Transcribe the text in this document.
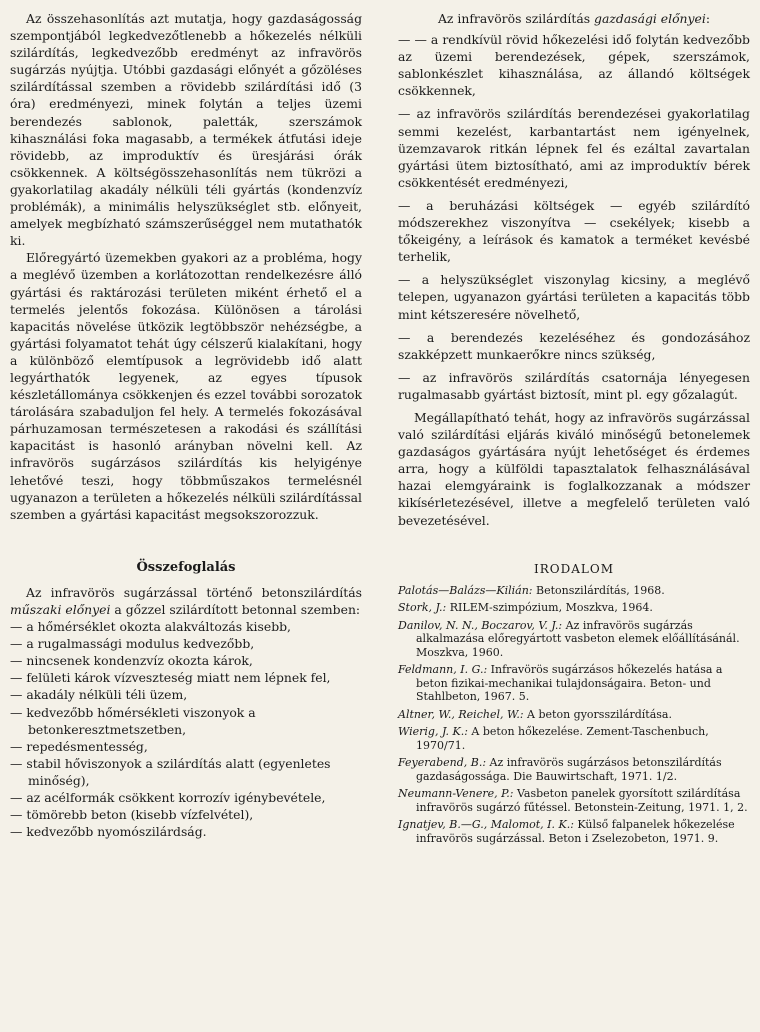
Az összehasonlítás azt mutatja, hogy gazdaságosság szempontjából legkedvezőtlenebb a hőkezelés nélküli szilárdítás, legkedvezőbb eredményt az infravörös sugárzás nyújtja. Utóbbi gazdasági előnyét a gőzöléses szilárdítással szemben a rövidebb szilárdítási idő (3 óra) eredményezi, minek folytán a teljes üzemi berendezés sablonok, paletták, szerszámok kihasználási foka magasabb, a termékek átfutási ideje rövidebb, az improduktív és üresjárási órák csökkennek. A költségösszehasonlítás nem tükrözi a gyakorlatilag akadály nélküli téli gyártás (kondenzvíz problémák), a minimális helyszükséglet stb. előnyeit, amelyek megbízható számszerűséggel nem mutathatók ki.

Előregyártó üzemekben gyakori az a probléma, hogy a meglévő üzemben a korlátozottan rendelkezésre álló gyártási és raktározási területen miként érhető el a termelés jelentős fokozása. Különösen a tárolási kapacitás növelése ütközik legtöbbször nehézségbe, a gyártási folyamatot tehát úgy célszerű kialakítani, hogy a különböző elemtípusok a legrövidebb idő alatt legyárthatók legyenek, az egyes típusok készletállománya csökkenjen és ezzel további sorozatok tárolására szabaduljon fel hely. A termelés fokozásával párhuzamosan természetesen a rakodási és szállítási kapacitást is hasonló arányban növelni kell. Az infravörös sugárzásos szilárdítás kis helyigénye lehetővé teszi, hogy többműszakos termelésnél ugyanazon a területen a hőkezelés nélküli szilárdítással szemben a gyártási kapacitást megsokszorozzuk.

Összefoglalás

Az infravörös sugárzással történő betonszilárdítás műszaki előnyei a gőzzel szilárdított betonnal szemben:

— a hőmérséklet okozta alakváltozás kisebb,
— a rugalmassági modulus kedvezőbb,
— nincsenek kondenzvíz okozta károk,
— felületi károk vízveszteség miatt nem lépnek fel,
— akadály nélküli téli üzem,
— kedvezőbb hőmérsékleti viszonyok a betonkeresztmetszetben,
— repedésmentesség,
— stabil hőviszonyok a szilárdítás alatt (egyenletes minőség),
— az acélformák csökkent korrozív igénybevétele,
— tömörebb beton (kisebb vízfelvétel),
— kedvezőbb nyomószilárdság.
Az infravörös szilárdítás gazdasági előnyei:
— — a rendkívül rövid hőkezelési idő folytán kedvezőbb az üzemi berendezések, gépek, szerszámok, sablonkészlet kihasználása, az állandó költségek csökkennek,
— az infravörös szilárdítás berendezései gyakorlatilag semmi kezelést, karbantartást nem igényelnek, üzemzavarok ritkán lépnek fel és ezáltal zavartalan gyártási ütem biztosítható, ami az improduktív bérek csökkentését eredményezi,
— a beruházási költségek — egyéb szilárdító módszerekhez viszonyítva — csekélyek; kisebb a tőkeigény, a leírások és kamatok a terméket kevésbé terhelik,
— a helyszükséglet viszonylag kicsiny, a meglévő telepen, ugyanazon gyártási területen a kapacitás több mint kétszeresére növelhető,
— a berendezés kezeléséhez és gondozásához szakképzett munkaerőkre nincs szükség,
— az infravörös szilárdítás csatornája lényegesen rugalmasabb gyártást biztosít, mint pl. egy gőzalagút.

Megállapítható tehát, hogy az infravörös sugárzással való szilárdítási eljárás kiváló minőségű betonelemek gazdaságos gyártására nyújt lehetőséget és érdemes arra, hogy a külföldi tapasztalatok felhasználásával hazai elemgyáraink is foglalkozzanak a módszer kikísérletezésével, illetve a megfelelő területen való bevezetésével.

IRODALOM
Palotás—Balázs—Kilián: Betonszilárdítás, 1968.
Stork, J.: RILEM-szimpózium, Moszkva, 1964.
Danilov, N. N., Boczarov, V. J.: Az infravörös sugárzás alkalmazása előregyártott vasbeton elemek előállításánál. Moszkva, 1960.
Feldmann, I. G.: Infravörös sugárzásos hőkezelés hatása a beton fizikai-mechanikai tulajdonságaira. Beton- und Stahlbeton, 1967. 5.
Altner, W., Reichel, W.: A beton gyorsszilárdítása.
Wierig, J. K.: A beton hőkezelése. Zement-Taschenbuch, 1970/71.
Feyerabend, B.: Az infravörös sugárzásos betonszilárdítás gazdaságossága. Die Bauwirtschaft, 1971. 1/2.
Neumann-Venere, P.: Vasbeton panelek gyorsított szilárdítása infravörös sugárzó fűtéssel. Betonstein-Zeitung, 1971. 1, 2.
Ignatjev, B.—G., Malomot, I. K.: Külső falpanelek hőkezelése infravörös sugárzással. Beton i Zselezobeton, 1971. 9.
